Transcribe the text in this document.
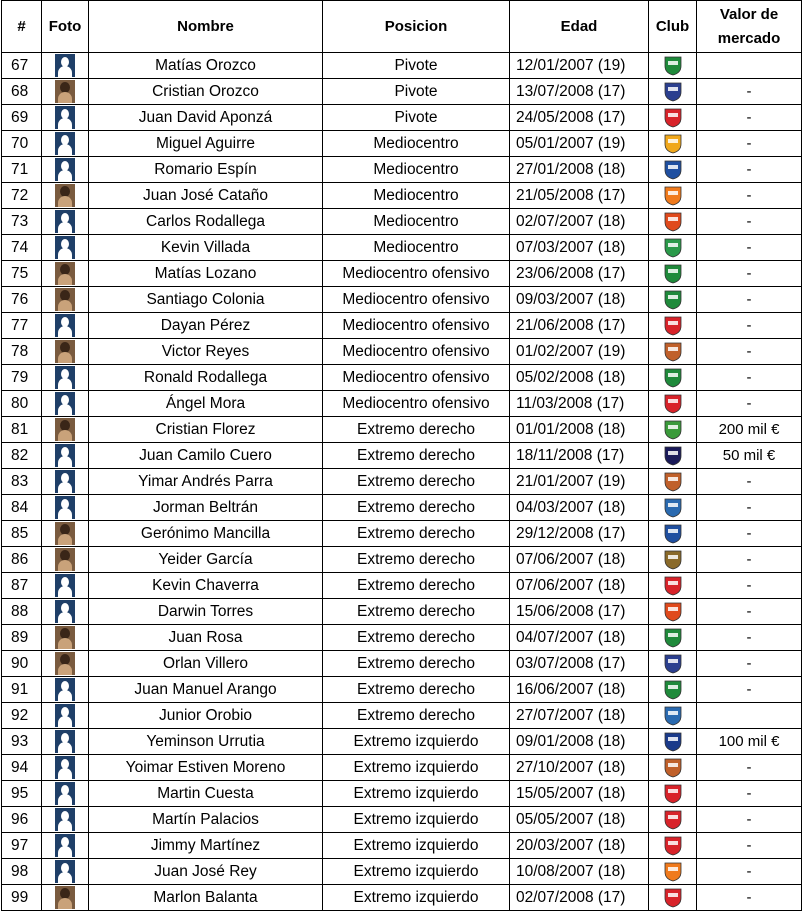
#	Foto	Nombre	Posicion	Edad	Club	Valor de mercado
67		Matías Orozco	Pivote	12/01/2007 (19)	

68		Cristian Orozco	Pivote	13/07/2008 (17)		-
69		Juan David Aponzá	Pivote	24/05/2008 (17)		-
70		Miguel Aguirre	Mediocentro	05/01/2007 (19)		-
71		Romario Espín	Mediocentro	27/01/2008 (18)		-
72		Juan José Cataño	Mediocentro	21/05/2008 (17)		-
73		Carlos Rodallega	Mediocentro	02/07/2007 (18)		-
74		Kevin Villada	Mediocentro	07/03/2007 (18)		-
75		Matías Lozano	Mediocentro ofensivo	23/06/2008 (17)		-
76		Santiago Colonia	Mediocentro ofensivo	09/03/2007 (18)		-
77		Dayan Pérez	Mediocentro ofensivo	21/06/2008 (17)		-
78		Victor Reyes	Mediocentro ofensivo	01/02/2007 (19)		-
79		Ronald Rodallega	Mediocentro ofensivo	05/02/2008 (18)		-
80		Ángel Mora	Mediocentro ofensivo	11/03/2008 (17)		-
81		Cristian Florez	Extremo derecho	01/01/2008 (18)		200 mil €
82		Juan Camilo Cuero	Extremo derecho	18/11/2008 (17)		50 mil €
83		Yimar Andrés Parra	Extremo derecho	21/01/2007 (19)		-
84		Jorman Beltrán	Extremo derecho	04/03/2007 (18)		-
85		Gerónimo Mancilla	Extremo derecho	29/12/2008 (17)		-
86		Yeider García	Extremo derecho	07/06/2007 (18)		-
87		Kevin Chaverra	Extremo derecho	07/06/2007 (18)		-
88		Darwin Torres	Extremo derecho	15/06/2008 (17)		-
89		Juan Rosa	Extremo derecho	04/07/2007 (18)		-
90		Orlan Villero	Extremo derecho	03/07/2008 (17)		-
91		Juan Manuel Arango	Extremo derecho	16/06/2007 (18)		-
92		Junior Orobio	Extremo derecho	27/07/2007 (18)	

93		Yeminson Urrutia	Extremo izquierdo	09/01/2008 (18)		100 mil €
94		Yoimar Estiven Moreno	Extremo izquierdo	27/10/2007 (18)		-
95		Martin Cuesta	Extremo izquierdo	15/05/2007 (18)		-
96		Martín Palacios	Extremo izquierdo	05/05/2007 (18)		-
97		Jimmy Martínez	Extremo izquierdo	20/03/2007 (18)		-
98		Juan José Rey	Extremo izquierdo	10/08/2007 (18)		-
99		Marlon Balanta	Extremo izquierdo	02/07/2008 (17)		-
